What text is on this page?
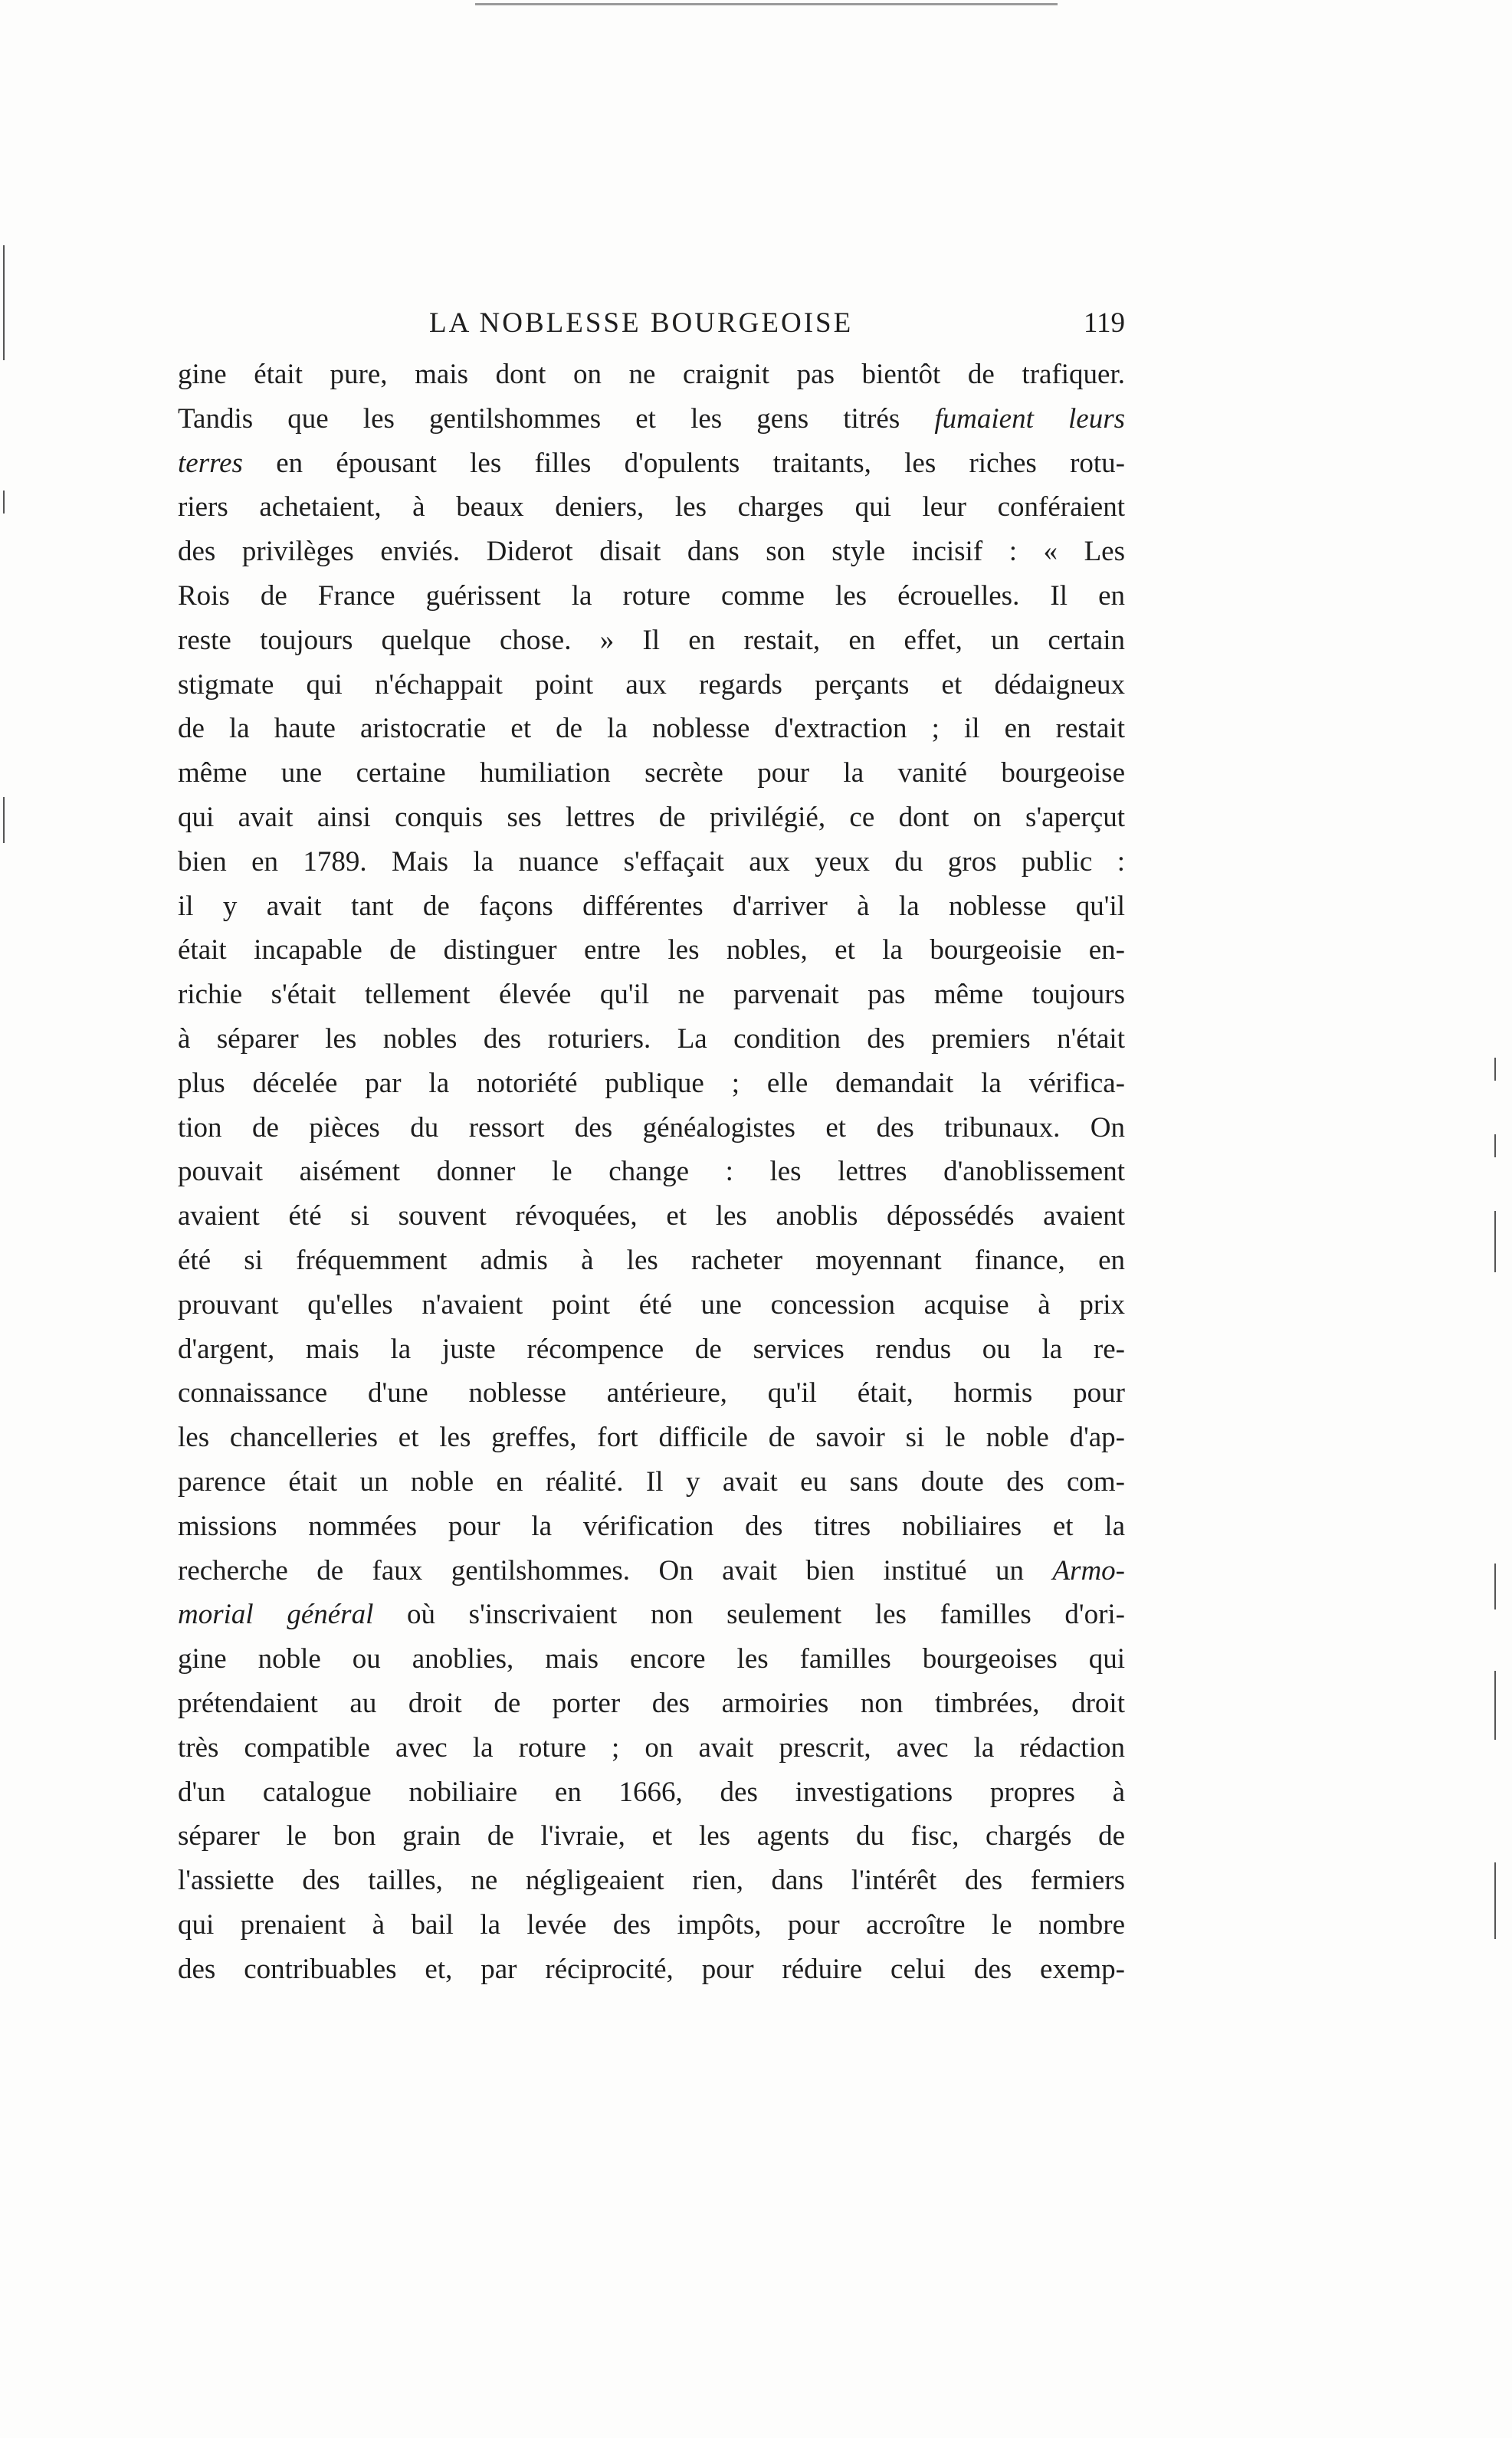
LA NOBLESSE BOURGEOISE	119
gine était pure, mais dont on ne craignit pas bientôt de trafiquer.
Tandis que les gentilshommes et les gens titrés fumaient leurs
terres en épousant les filles d'opulents traitants, les riches rotu-
riers achetaient, à beaux deniers, les charges qui leur conféraient
des privilèges enviés. Diderot disait dans son style incisif : « Les
Rois de France guérissent la roture comme les écrouelles. Il en
reste toujours quelque chose. » Il en restait, en effet, un certain
stigmate qui n'échappait point aux regards perçants et dédaigneux
de la haute aristocratie et de la noblesse d'extraction ; il en restait
même une certaine humiliation secrète pour la vanité bourgeoise
qui avait ainsi conquis ses lettres de privilégié, ce dont on s'aperçut
bien en 1789. Mais la nuance s'effaçait aux yeux du gros public :
il y avait tant de façons différentes d'arriver à la noblesse qu'il
était incapable de distinguer entre les nobles, et la bourgeoisie en-
richie s'était tellement élevée qu'il ne parvenait pas même toujours
à séparer les nobles des roturiers. La condition des premiers n'était
plus décelée par la notoriété publique ; elle demandait la vérifica-
tion de pièces du ressort des généalogistes et des tribunaux. On
pouvait aisément donner le change : les lettres d'anoblissement
avaient été si souvent révoquées, et les anoblis dépossédés avaient
été si fréquemment admis à les racheter moyennant finance, en
prouvant qu'elles n'avaient point été une concession acquise à prix
d'argent, mais la juste récompence de services rendus ou la re-
connaissance d'une noblesse antérieure, qu'il était, hormis pour
les chancelleries et les greffes, fort difficile de savoir si le noble d'ap-
parence était un noble en réalité. Il y avait eu sans doute des com-
missions nommées pour la vérification des titres nobiliaires et la
recherche de faux gentilshommes. On avait bien institué un Armo-
morial général où s'inscrivaient non seulement les familles d'ori-
gine noble ou anoblies, mais encore les familles bourgeoises qui
prétendaient au droit de porter des armoiries non timbrées, droit
très compatible avec la roture ; on avait prescrit, avec la rédaction
d'un catalogue nobiliaire en 1666, des investigations propres à
séparer le bon grain de l'ivraie, et les agents du fisc, chargés de
l'assiette des tailles, ne négligeaient rien, dans l'intérêt des fermiers
qui prenaient à bail la levée des impôts, pour accroître le nombre
des contribuables et, par réciprocité, pour réduire celui des exemp-
